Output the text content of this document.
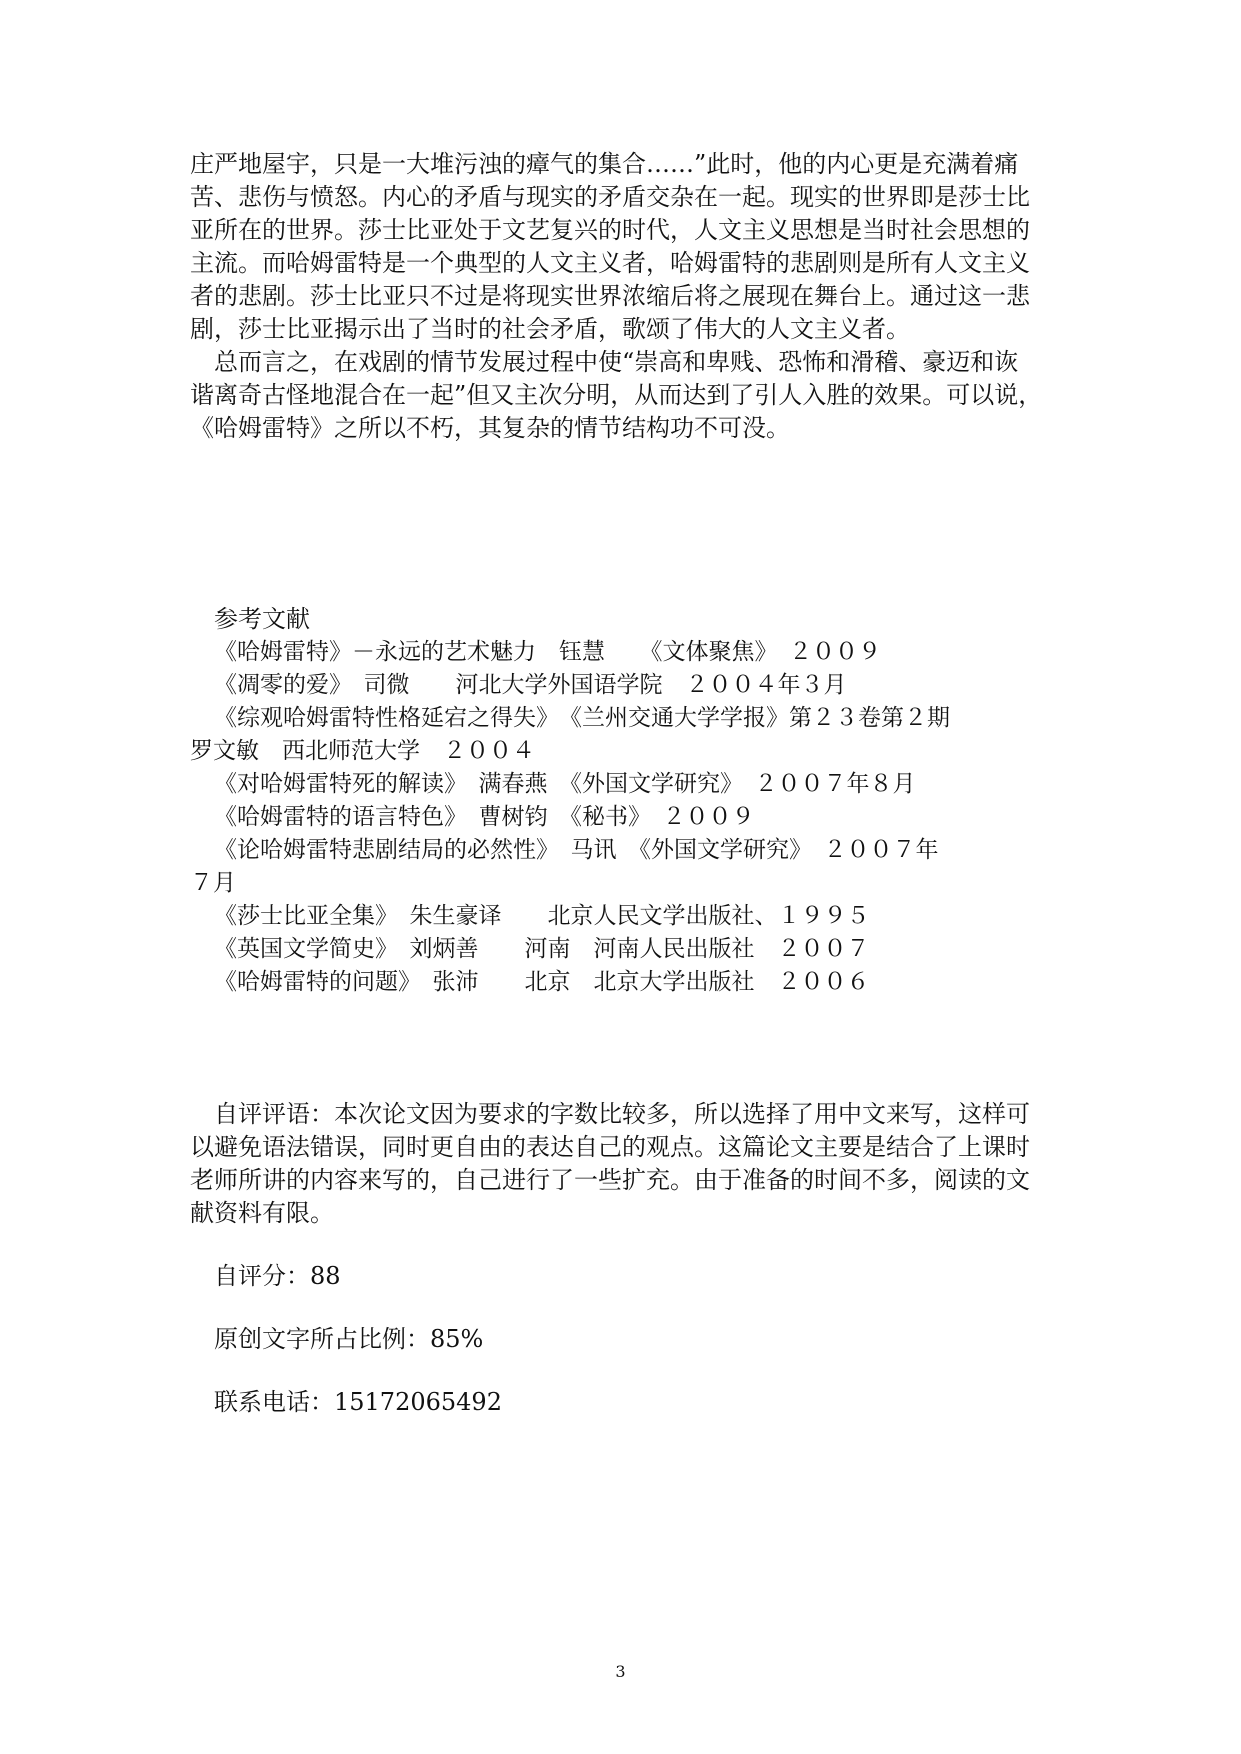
庄严地屋宇，只是一大堆污浊的瘴气的集合……”此时，他的内心更是充满着痛

苦、悲伤与愤怒。内心的矛盾与现实的矛盾交杂在一起。现实的世界即是莎士比

亚所在的世界。莎士比亚处于文艺复兴的时代，人文主义思想是当时社会思想的

主流。而哈姆雷特是一个典型的人文主义者，哈姆雷特的悲剧则是所有人文主义

者的悲剧。莎士比亚只不过是将现实世界浓缩后将之展现在舞台上。通过这一悲

剧，莎士比亚揭示出了当时的社会矛盾，歌颂了伟大的人文主义者。

总而言之，在戏剧的情节发展过程中使“崇高和卑贱、恐怖和滑稽、豪迈和诙

谐离奇古怪地混合在一起”但又主次分明，从而达到了引人入胜的效果。可以说，

《哈姆雷特》之所以不朽，其复杂的情节结构功不可没。

参考文献

《哈姆雷特》－永远的艺术魅力　钰慧　　《文体聚焦》　２００９

《凋零的爱》　司微　　河北大学外国语学院　２００４年３月

《综观哈姆雷特性格延宕之得失》　《兰州交通大学学报》第２３卷第２期

罗文敏　西北师范大学　２００４

《对哈姆雷特死的解读》　满春燕　《外国文学研究》　２００７年８月

《哈姆雷特的语言特色》　曹树钧　《秘书》　２００９

《论哈姆雷特悲剧结局的必然性》　马讯　《外国文学研究》　２００７年

７月

《莎士比亚全集》　朱生豪译　　北京人民文学出版社、１９９５

《英国文学简史》　刘炳善　　河南　河南人民出版社　２００７

《哈姆雷特的问题》　张沛　　北京　北京大学出版社　２００６

自评评语：本次论文因为要求的字数比较多，所以选择了用中文来写，这样可

以避免语法错误，同时更自由的表达自己的观点。这篇论文主要是结合了上课时

老师所讲的内容来写的，自己进行了一些扩充。由于准备的时间不多，阅读的文

献资料有限。

自评分：88
原创文字所占比例：85%
联系电话：15172065492
3
